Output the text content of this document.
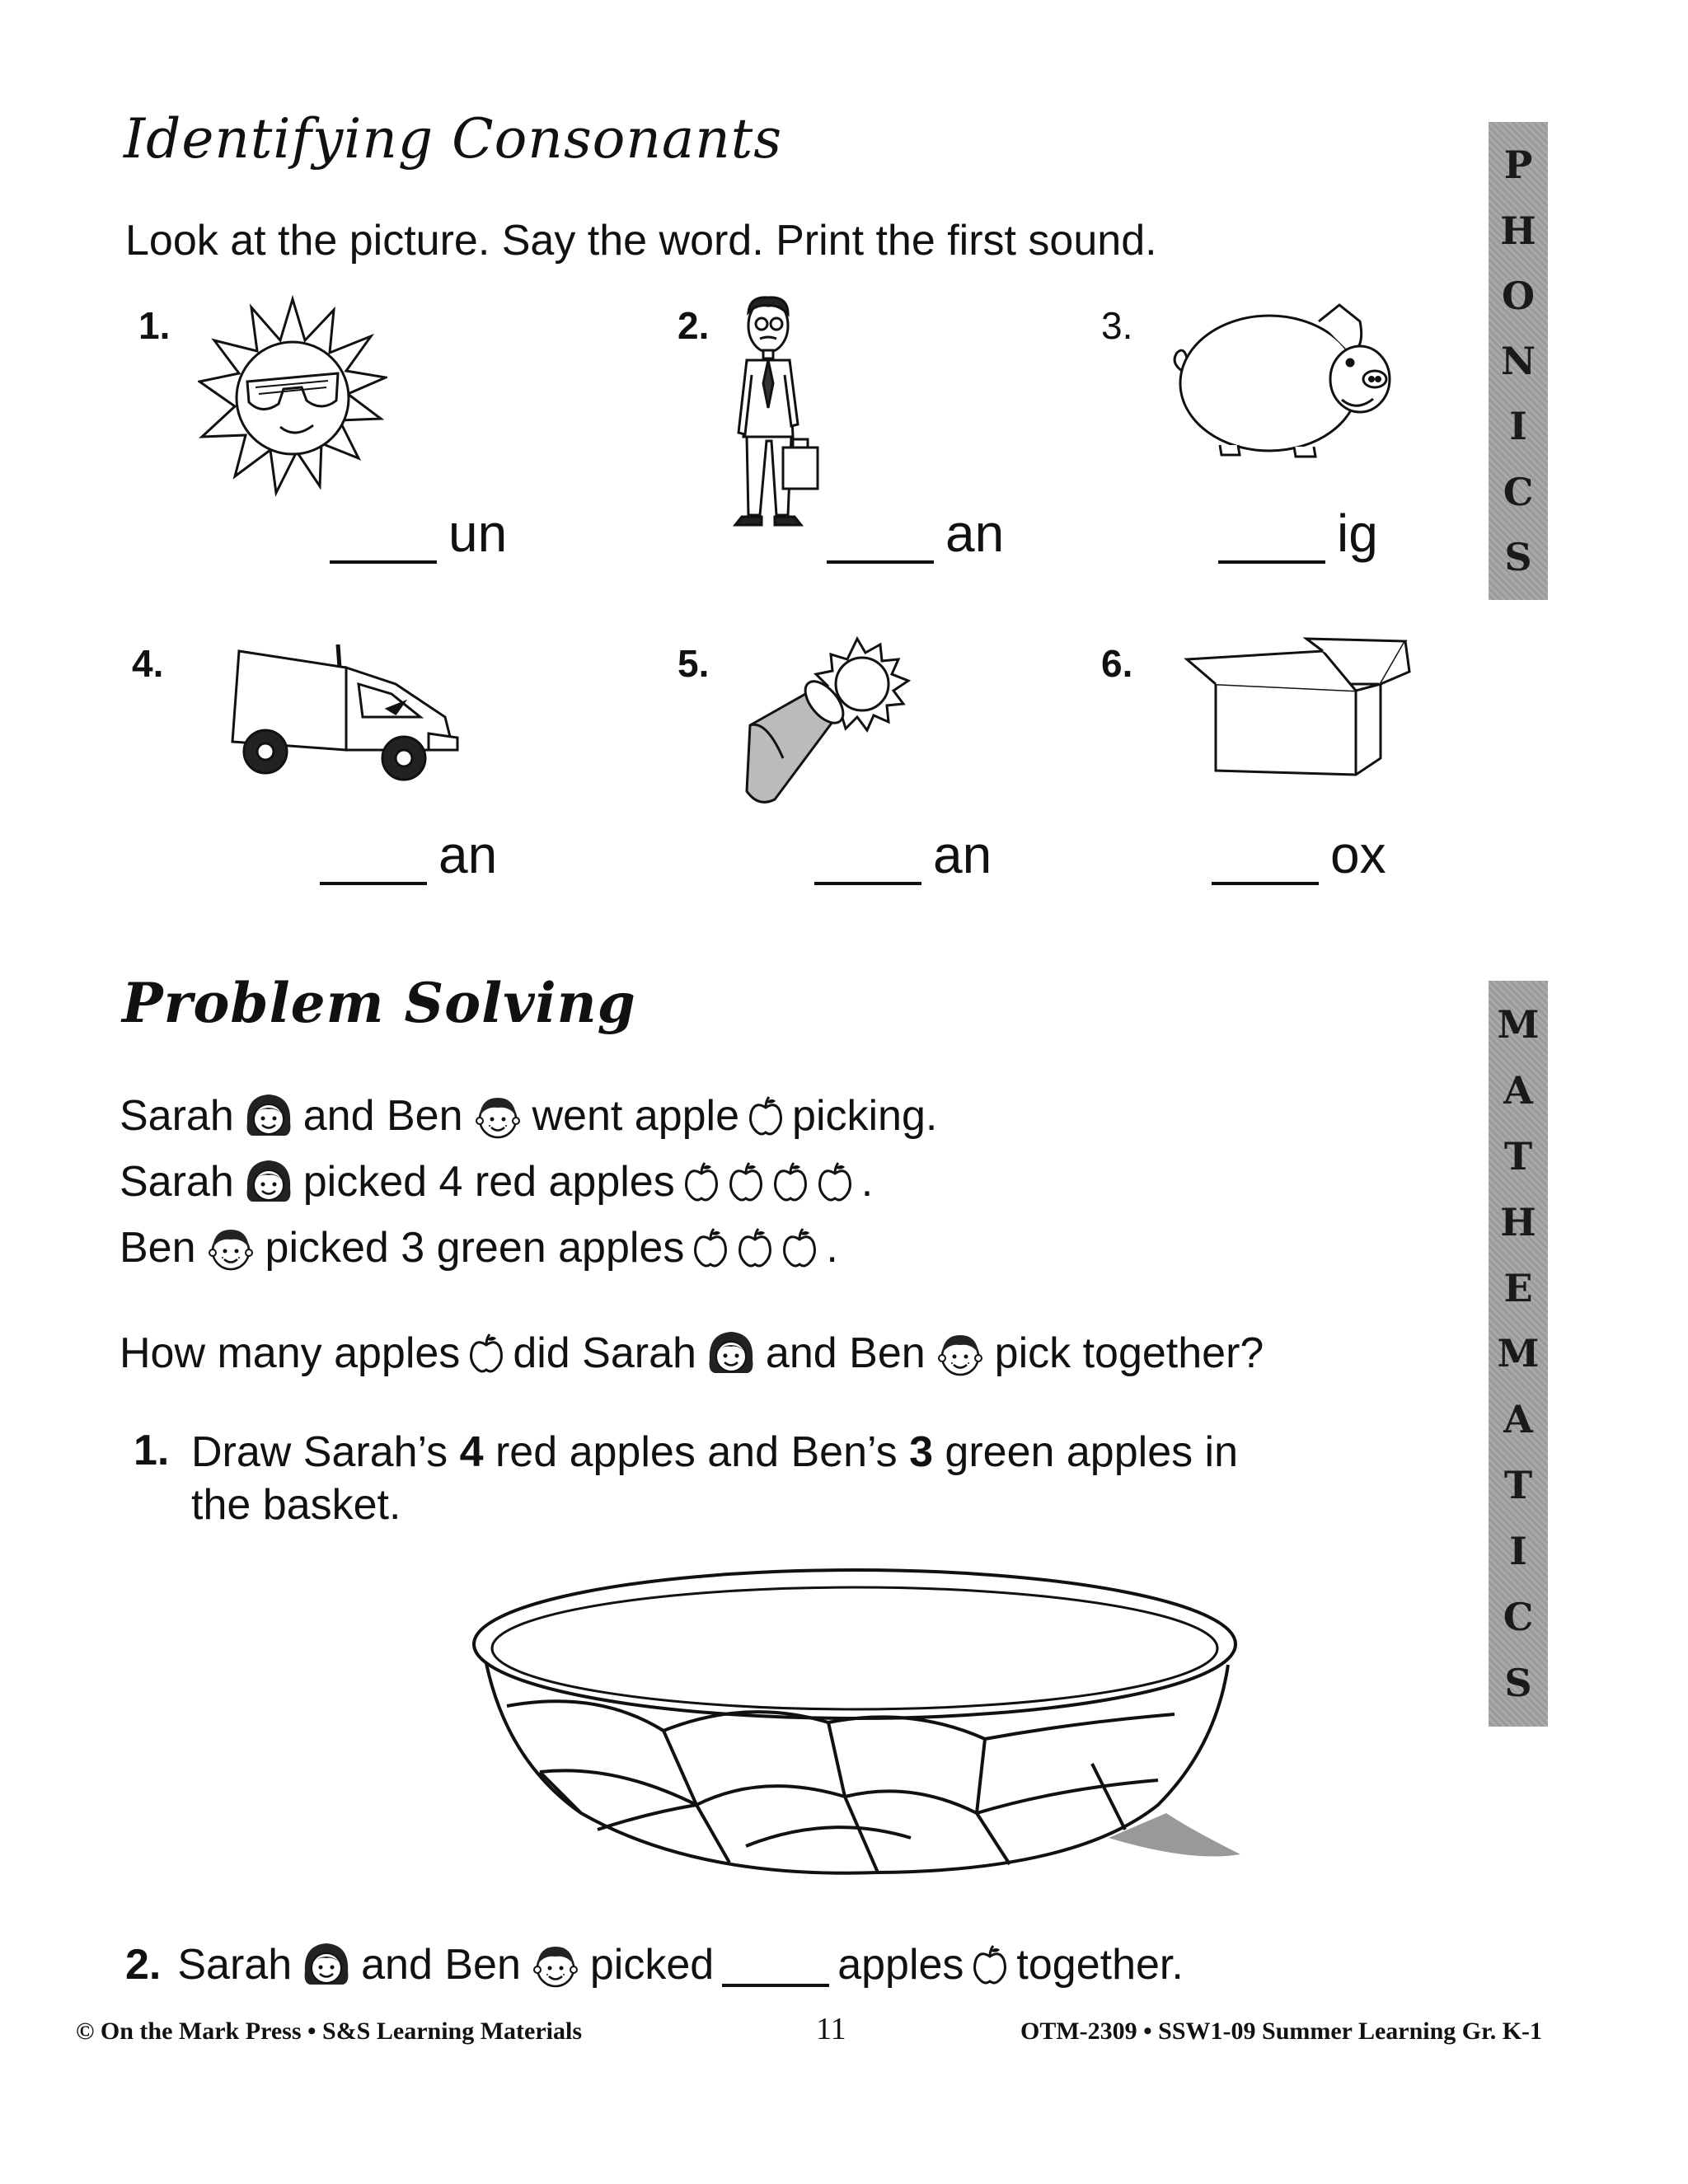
Identifying Consonants
Look at the picture. Say the word. Print the first sound.
P
H
O
N
I
C
S
1.
un
2.
an
3.
ig
4.
an
5.
an
6.
ox
Problem Solving	M
A
T
H
E
M
A
T
I
C
S
Sarah and Ben went apple picking.
Sarah picked 4 red apples	.
Ben picked 3 green apples	.
How many apples did Sarah and Ben pick together?
1. Draw Sarah’s 4 red apples and Ben’s 3 green apples in
the basket.
2. Sarah and Ben picked	apples together.
© On the Mark Press • S&S Learning Materials	11	OTM-2309 • SSW1-09 Summer Learning Gr. K-1
